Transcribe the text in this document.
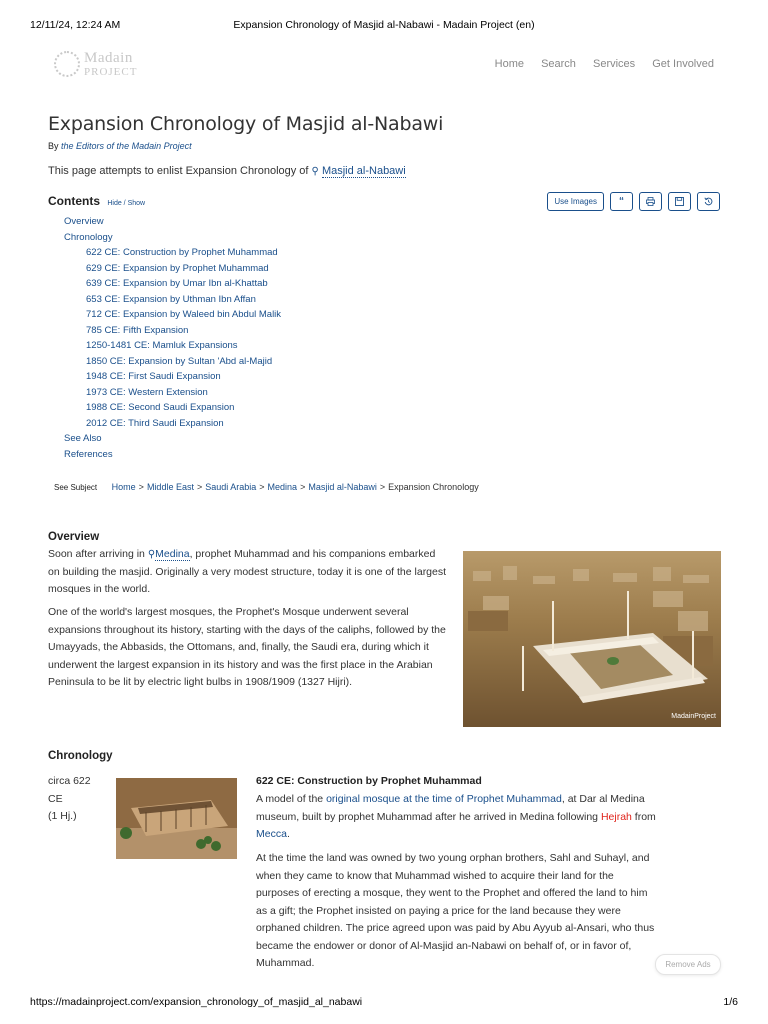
12/11/24, 12:24 AM	Expansion Chronology of Masjid al-Nabawi - Madain Project (en)
Madain
PROJECT
Home Search Services Get Involved
Expansion Chronology of Masjid al-Nabawi
By the Editors of the Madain Project
This page attempts to enlist Expansion Chronology of ⚲ Masjid al-Nabawi
Contents Hide / Show	Use Images	“
Overview
Chronology
622 CE: Construction by Prophet Muhammad
629 CE: Expansion by Prophet Muhammad
639 CE: Expansion by Umar Ibn al-Khattab
653 CE: Expansion by Uthman Ibn Affan
712 CE: Expansion by Waleed bin Abdul Malik
785 CE: Fifth Expansion
1250-1481 CE: Mamluk Expansions
1850 CE: Expansion by Sultan 'Abd al-Majid
1948 CE: First Saudi Expansion
1973 CE: Western Extension
1988 CE: Second Saudi Expansion
2012 CE: Third Saudi Expansion
See Also
References
See Subject Home > Middle East > Saudi Arabia > Medina > Masjid al-Nabawi > Expansion Chronology
Overview

Soon after arriving in ⚲Medina, prophet Muhammad and his companions embarked on building the masjid. Originally a very modest structure, today it is one of the largest mosques in the world.

One of the world's largest mosques, the Prophet's Mosque underwent several expansions throughout its history, starting with the days of the caliphs, followed by the Umayyads, the Abbasids, the Ottomans, and, finally, the Saudi era, during which it underwent the largest expansion in its history and was the first place in the Arabian Peninsula to be lit by electric light bulbs in 1908/1909 (1327 Hijri).

MadainProject
Chronology
circa 622
CE
(1 Hj.)
622 CE: Construction by Prophet Muhammad

A model of the original mosque at the time of Prophet Muhammad, at Dar al Medina museum, built by prophet Muhammad after he arrived in Medina following Hejrah from Mecca.

At the time the land was owned by two young orphan brothers, Sahl and Suhayl, and when they came to know that Muhammad wished to acquire their land for the purposes of erecting a mosque, they went to the Prophet and offered the land to him as a gift; the Prophet insisted on paying a price for the land because they were orphaned children. The price agreed upon was paid by Abu Ayyub al-Ansari, who thus became the endower or donor of Al-Masjid an-Nabawi on behalf of, or in favor of, Muhammad.	Remove Ads
https://madainproject.com/expansion_chronology_of_masjid_al_nabawi	1/6
